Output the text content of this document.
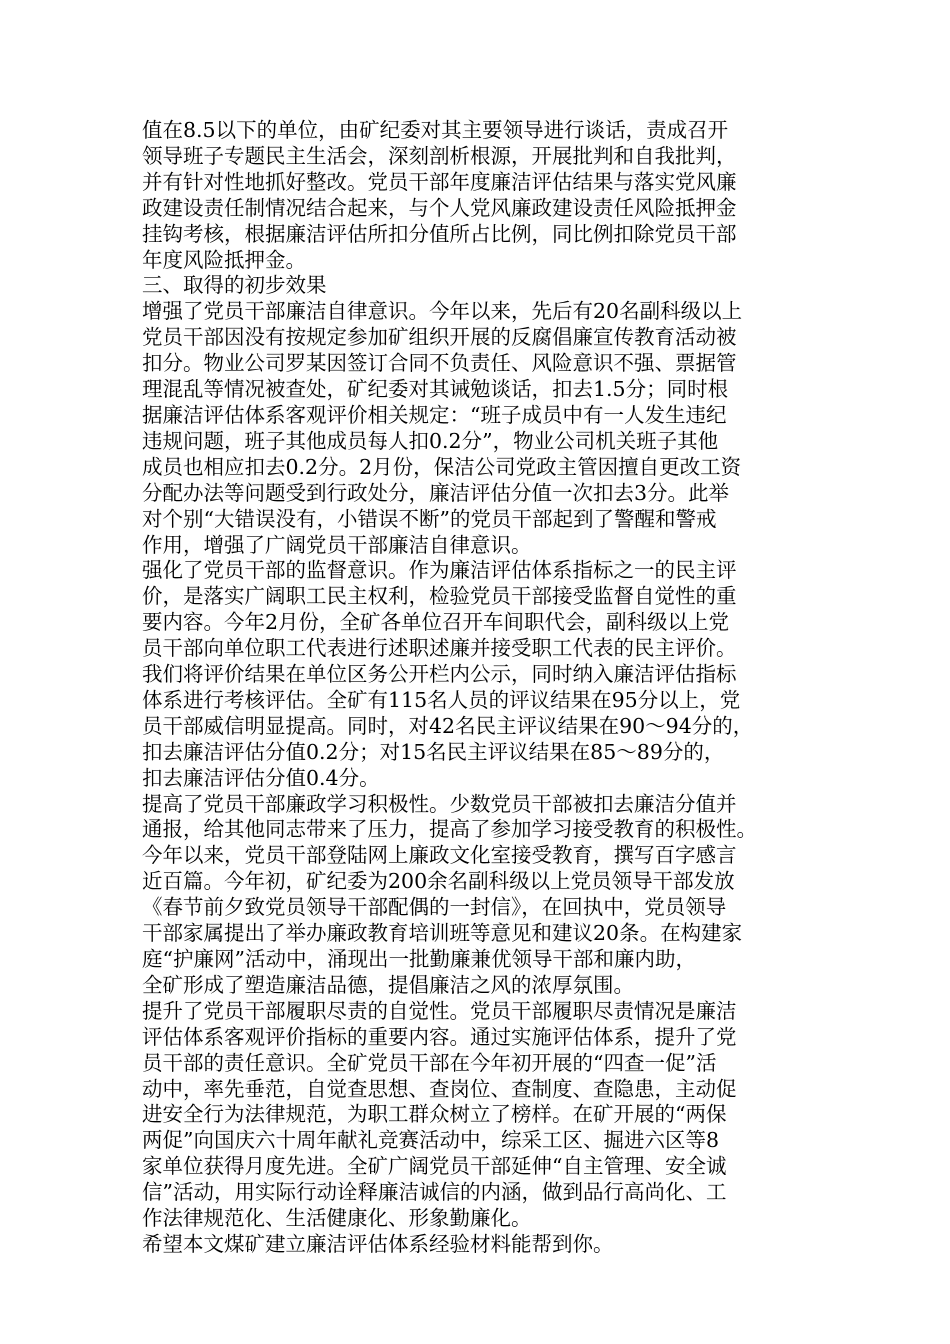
值在8.5以下的单位，由矿纪委对其主要领导进行谈话，责成召开
领导班子专题民主生活会，深刻剖析根源，开展批判和自我批判，
并有针对性地抓好整改。党员干部年度廉洁评估结果与落实党风廉
政建设责任制情况结合起来，与个人党风廉政建设责任风险抵押金
挂钩考核，根据廉洁评估所扣分值所占比例，同比例扣除党员干部
年度风险抵押金。

三、取得的初步效果

增强了党员干部廉洁自律意识。今年以来，先后有20名副科级以上
党员干部因没有按规定参加矿组织开展的反腐倡廉宣传教育活动被
扣分。物业公司罗某因签订合同不负责任、风险意识不强、票据管
理混乱等情况被查处，矿纪委对其诫勉谈话，扣去1.5分；同时根
据廉洁评估体系客观评价相关规定：“班子成员中有一人发生违纪
违规问题，班子其他成员每人扣0.2分”，物业公司机关班子其他
成员也相应扣去0.2分。2月份，保洁公司党政主管因擅自更改工资
分配办法等问题受到行政处分，廉洁评估分值一次扣去3分。此举
对个别“大错误没有，小错误不断”的党员干部起到了警醒和警戒
作用，增强了广阔党员干部廉洁自律意识。

强化了党员干部的监督意识。作为廉洁评估体系指标之一的民主评
价，是落实广阔职工民主权利，检验党员干部接受监督自觉性的重
要内容。今年2月份，全矿各单位召开车间职代会，副科级以上党
员干部向单位职工代表进行述职述廉并接受职工代表的民主评价。
我们将评价结果在单位区务公开栏内公示，同时纳入廉洁评估指标
体系进行考核评估。全矿有115名人员的评议结果在95分以上，党
员干部威信明显提高。同时，对42名民主评议结果在90～94分的，
扣去廉洁评估分值0.2分；对15名民主评议结果在85～89分的，
扣去廉洁评估分值0.4分。

提高了党员干部廉政学习积极性。少数党员干部被扣去廉洁分值并
通报，给其他同志带来了压力，提高了参加学习接受教育的积极性。
今年以来，党员干部登陆网上廉政文化室接受教育，撰写百字感言
近百篇。今年初，矿纪委为200余名副科级以上党员领导干部发放
《春节前夕致党员领导干部配偶的一封信》，在回执中，党员领导
干部家属提出了举办廉政教育培训班等意见和建议20条。在构建家
庭“护廉网”活动中，涌现出一批勤廉兼优领导干部和廉内助，
全矿形成了塑造廉洁品德，提倡廉洁之风的浓厚氛围。

提升了党员干部履职尽责的自觉性。党员干部履职尽责情况是廉洁
评估体系客观评价指标的重要内容。通过实施评估体系，提升了党
员干部的责任意识。全矿党员干部在今年初开展的“四查一促”活
动中，率先垂范，自觉查思想、查岗位、查制度、查隐患，主动促
进安全行为法律规范，为职工群众树立了榜样。在矿开展的“两保
两促”向国庆六十周年献礼竞赛活动中，综采工区、掘进六区等8
家单位获得月度先进。全矿广阔党员干部延伸“自主管理、安全诚
信”活动，用实际行动诠释廉洁诚信的内涵，做到品行高尚化、工
作法律规范化、生活健康化、形象勤廉化。

希望本文煤矿建立廉洁评估体系经验材料能帮到你。
